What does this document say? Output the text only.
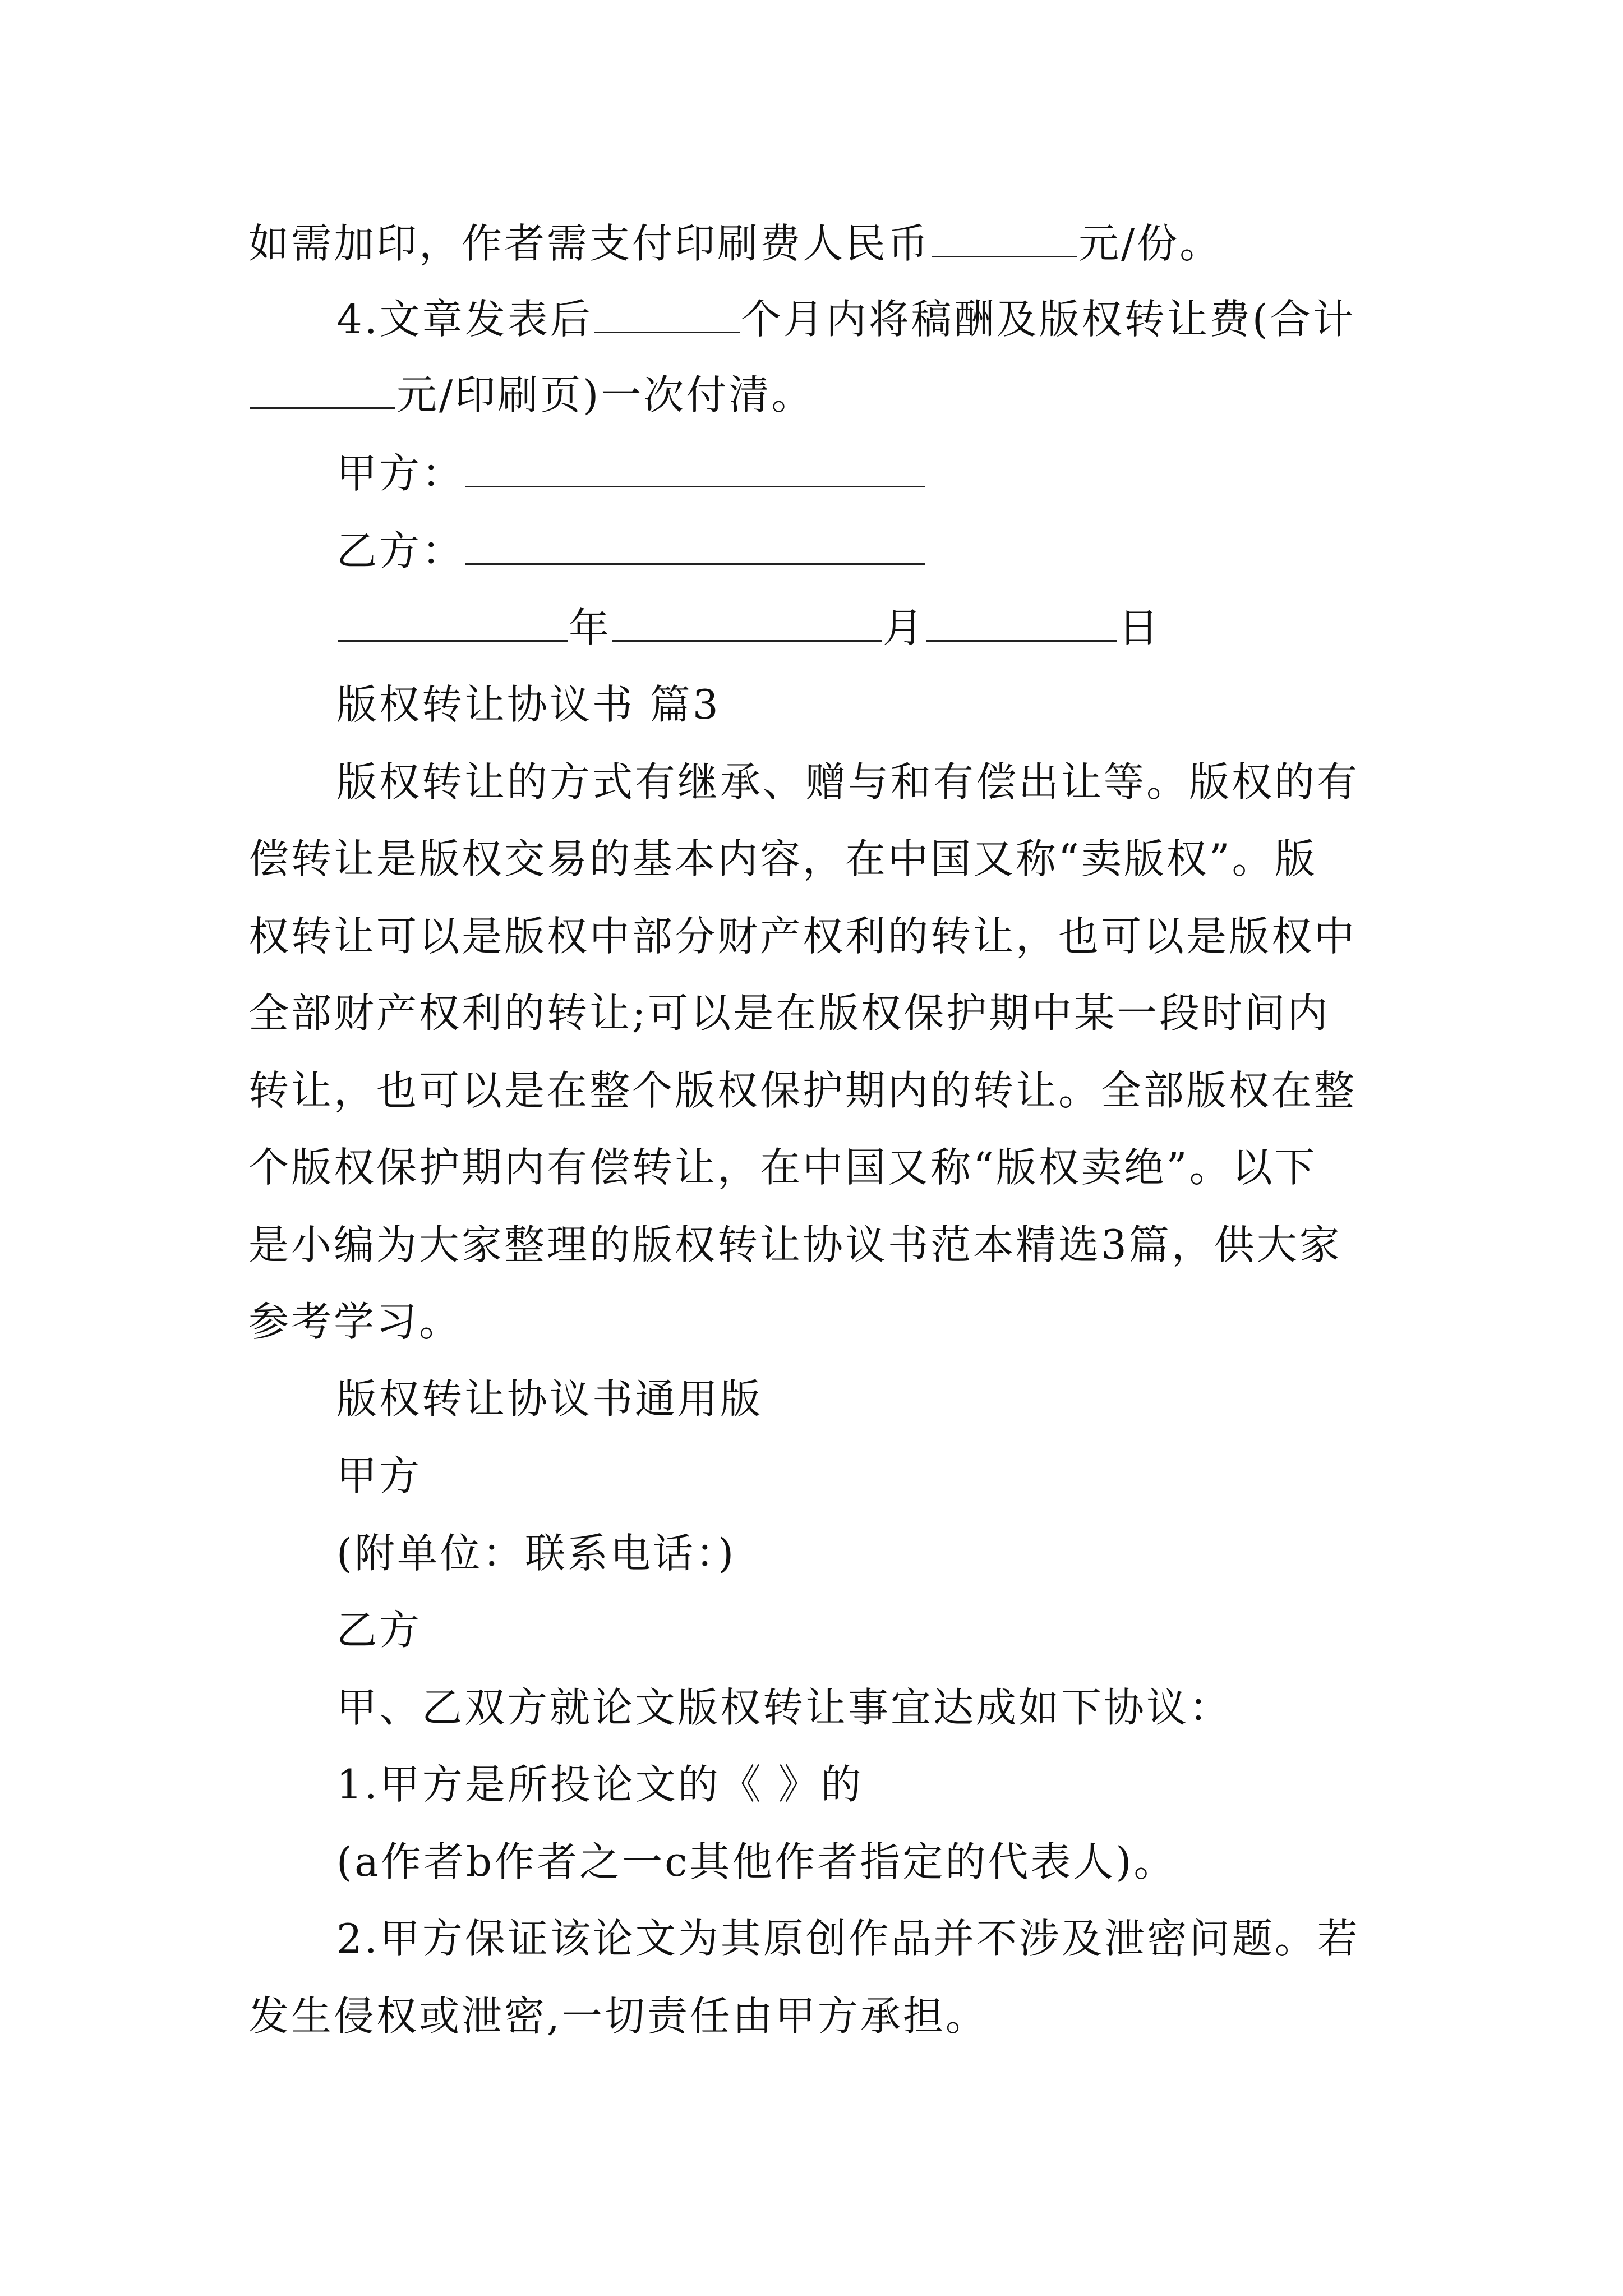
如需加印，作者需支付印刷费人民币	元/份。
4.文章发表后	个月内将稿酬及版权转让费(合计
元/印刷页)一次付清。
甲方：
乙方：
年	月	日
版权转让协议书 篇3
版权转让的方式有继承、赠与和有偿出让等。版权的有
偿转让是版权交易的基本内容，在中国又称“卖版权”。版
权转让可以是版权中部分财产权利的转让，也可以是版权中
全部财产权利的转让;可以是在版权保护期中某一段时间内
转让，也可以是在整个版权保护期内的转让。全部版权在整
个版权保护期内有偿转让，在中国又称“版权卖绝”。以下
是小编为大家整理的版权转让协议书范本精选3篇，供大家
参考学习。
版权转让协议书通用版
甲方
(附单位：联系电话：)
乙方
甲、乙双方就论文版权转让事宜达成如下协议：
1.甲方是所投论文的《 》的
(a作者b作者之一c其他作者指定的代表人)。
2.甲方保证该论文为其原创作品并不涉及泄密问题。若
发生侵权或泄密,一切责任由甲方承担。
